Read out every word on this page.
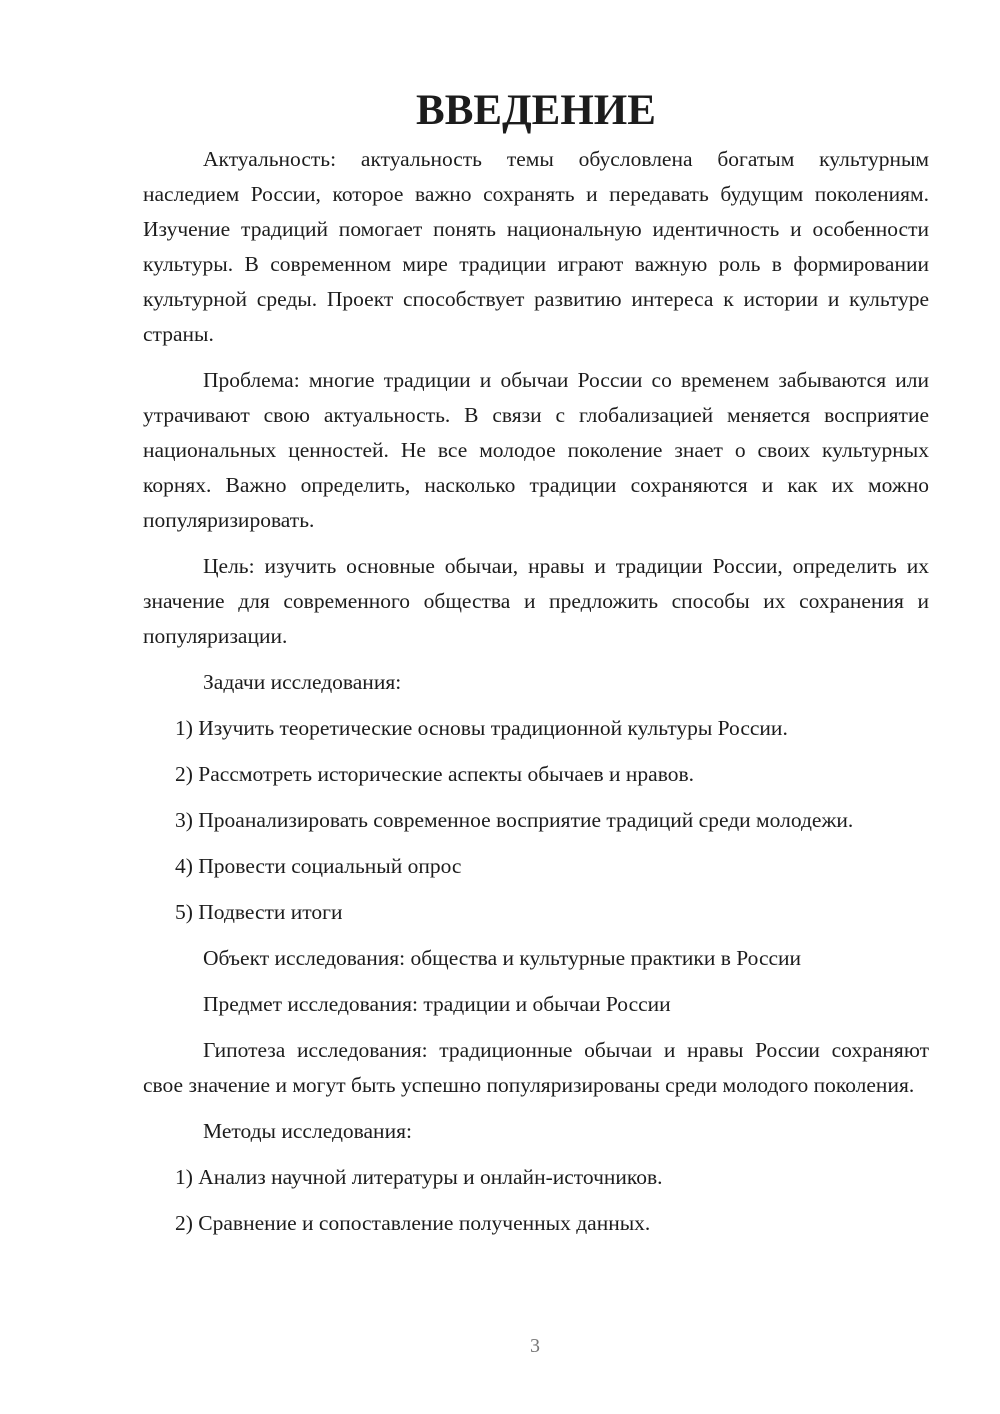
ВВЕДЕНИЕ

Актуальность: актуальность темы обусловлена богатым культурным наследием России, которое важно сохранять и передавать будущим поколениям. Изучение традиций помогает понять национальную идентичность и особенности культуры. В современном мире традиции играют важную роль в формировании культурной среды. Проект способствует развитию интереса к истории и культуре страны.

Проблема: многие традиции и обычаи России со временем забываются или утрачивают свою актуальность. В связи с глобализацией меняется восприятие национальных ценностей. Не все молодое поколение знает о своих культурных корнях. Важно определить, насколько традиции сохраняются и как их можно популяризировать.

Цель: изучить основные обычаи, нравы и традиции России, определить их значение для современного общества и предложить способы их сохранения и популяризации.

Задачи исследования:

1) Изучить теоретические основы традиционной культуры России.

2) Рассмотреть исторические аспекты обычаев и нравов.

3) Проанализировать современное восприятие традиций среди молодежи.

4) Провести социальный опрос

5) Подвести итоги

Объект исследования: общества и культурные практики в России

Предмет исследования: традиции и обычаи России

Гипотеза исследования: традиционные обычаи и нравы России сохраняют свое значение и могут быть успешно популяризированы среди молодого поколения.

Методы исследования:

1) Анализ научной литературы и онлайн-источников.

2) Сравнение и сопоставление полученных данных.

3
